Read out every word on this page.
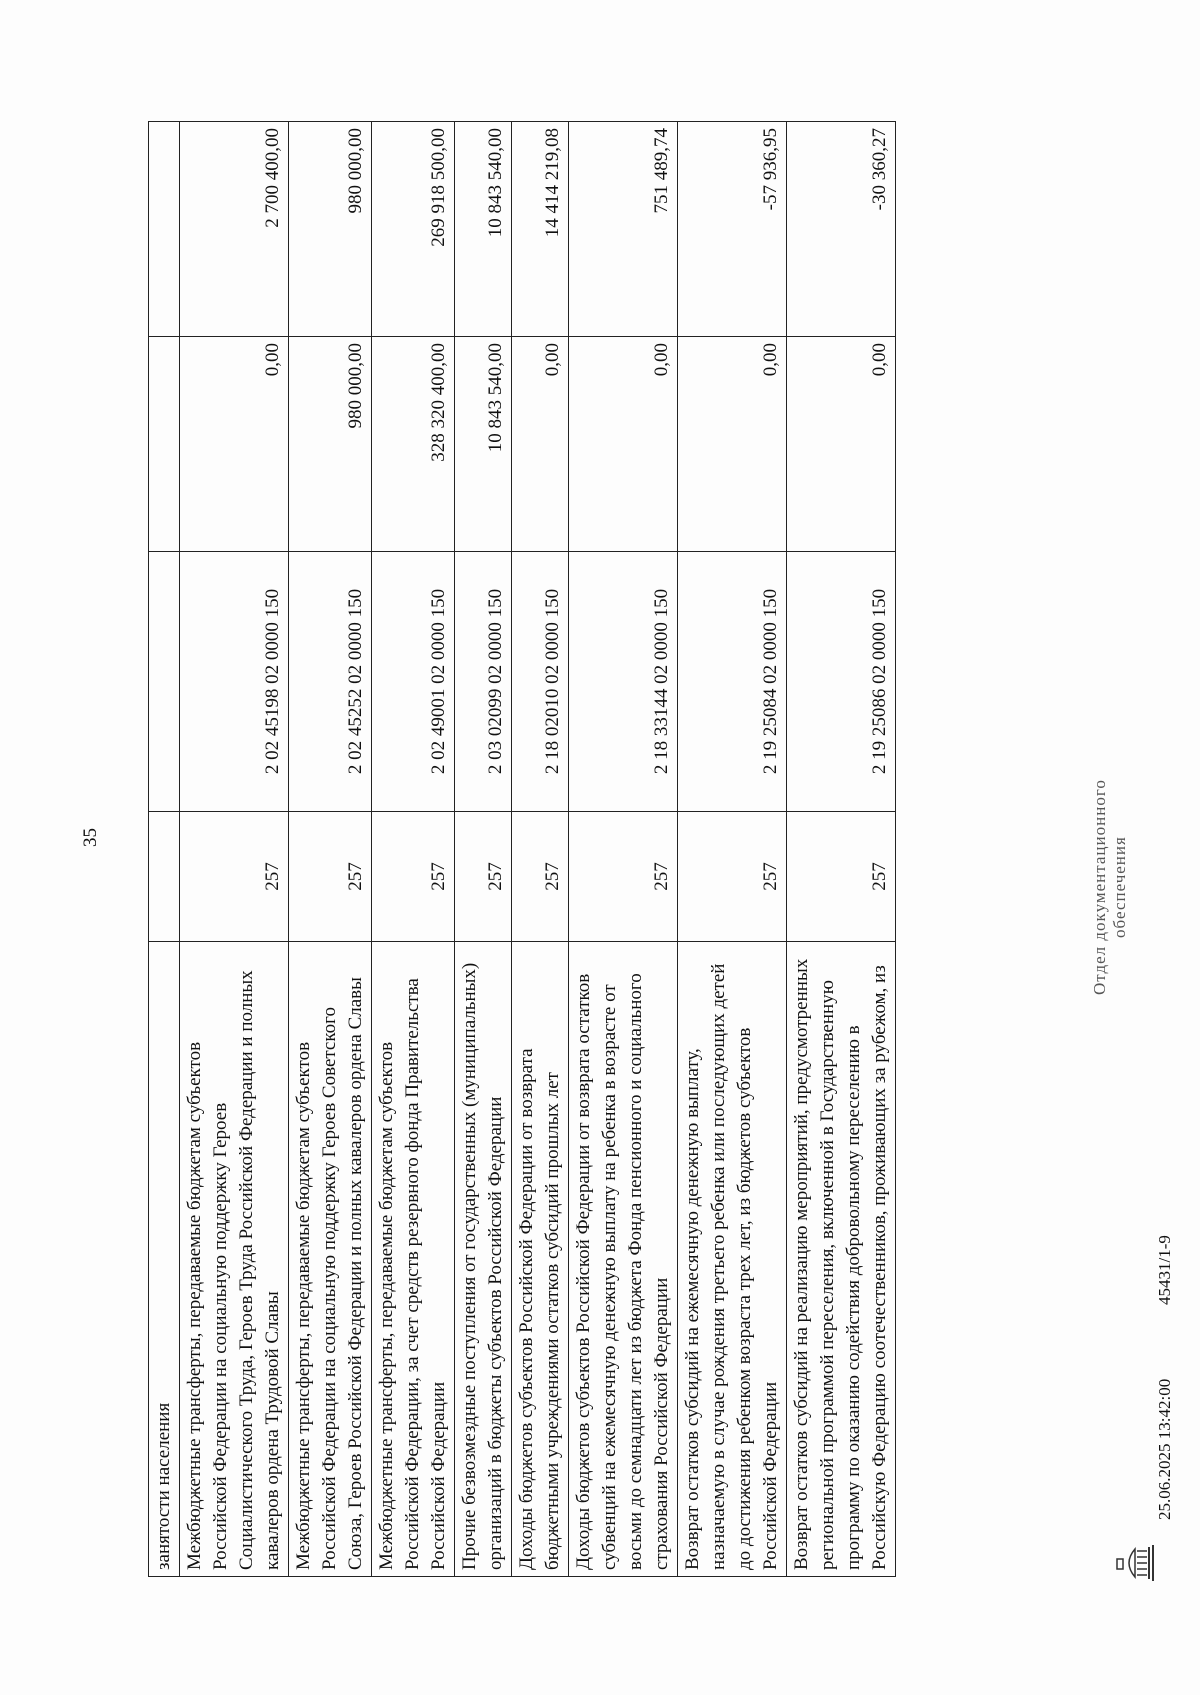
35
занятости населения				
Межбюджетные трансферты, передаваемые бюджетам субъектов Российской Федерации на социальную поддержку Героев Социалистического Труда, Героев Труда Российской Федерации и полных кавалеров ордена Трудовой Славы	257	2 02 45198 02 0000 150	0,00	2 700 400,00
Межбюджетные трансферты, передаваемые бюджетам субъектов Российской Федерации на социальную поддержку Героев Советского Союза, Героев Российской Федерации и полных кавалеров ордена Славы	257	2 02 45252 02 0000 150	980 000,00	980 000,00
Межбюджетные трансферты, передаваемые бюджетам субъектов Российской Федерации, за счет средств резервного фонда Правительства Российской Федерации	257	2 02 49001 02 0000 150	328 320 400,00	269 918 500,00
Прочие безвозмездные поступления от государственных (муниципальных) организаций в бюджеты субъектов Российской Федерации	257	2 03 02099 02 0000 150	10 843 540,00	10 843 540,00
Доходы бюджетов субъектов Российской Федерации от возврата бюджетными учреждениями остатков субсидий прошлых лет	257	2 18 02010 02 0000 150	0,00	14 414 219,08
Доходы бюджетов субъектов Российской Федерации от возврата остатков субвенций на ежемесячную денежную выплату на ребенка в возрасте от восьми до семнадцати лет из бюджета Фонда пенсионного и социального страхования Российской Федерации	257	2 18 33144 02 0000 150	0,00	751 489,74
Возврат остатков субсидий на ежемесячную денежную выплату, назначаемую в случае рождения третьего ребенка или последующих детей до достижения ребенком возраста трех лет, из бюджетов субъектов Российской Федерации	257	2 19 25084 02 0000 150	0,00	-57 936,95
Возврат остатков субсидий на реализацию мероприятий, предусмотренных региональной программой переселения, включенной в Государственную программу по оказанию содействия добровольному переселению в Российскую Федерацию соотечественников, проживающих за рубежом, из	257	2 19 25086 02 0000 150	0,00	-30 360,27
25.06.2025 13:42:00
45431/1-9
Отдел документационного обеспечения
